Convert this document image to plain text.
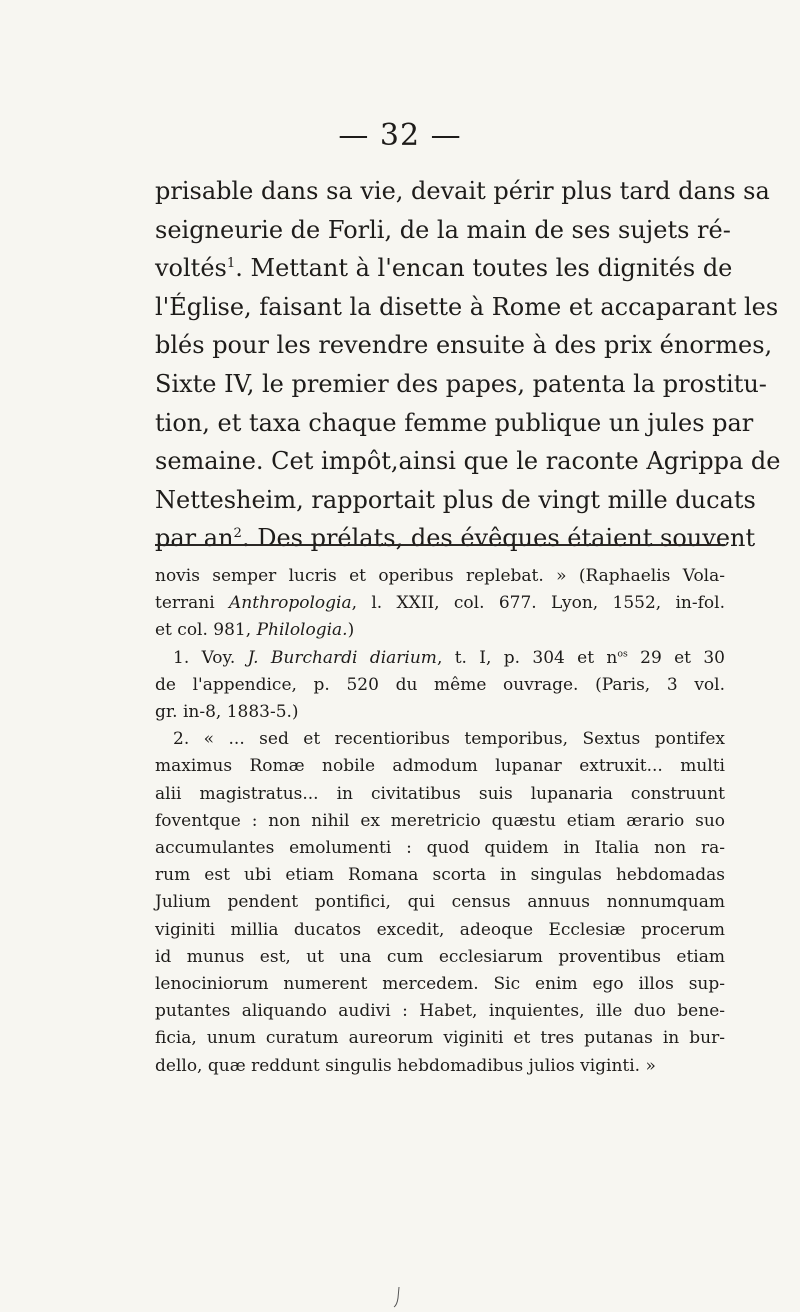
— 32 —
prisable dans sa vie, devait périr plus tard dans sa
seigneurie de Forli, de la main de ses sujets ré-
voltés$^1$. Mettant à l'encan toutes les dignités de
l'Église, faisant la disette à Rome et accaparant les
blés pour les revendre ensuite à des prix énormes,
Sixte IV, le premier des papes, patenta la prostitu-
tion, et taxa chaque femme publique un jules par
semaine. Cet impôt,ainsi que le raconte Agrippa de
Nettesheim, rapportait plus de vingt mille ducats
par $an^2$. Des prélats, des évêques étaient souvent
novis semper lucris et operibus replebat. » (Raphaelis Vola-
terrani Anthropologia, l. XXII, col. 677. Lyon, 1552, in-fol.
et col. 981, Philologia.)
1. Voy. J. Burchardi diarium, t. I, p. 304 et $n^{os}$ 29 et 30
de l'appendice, p. 520 du même ouvrage. (Paris, 3 vol.
gr. in-8, 1883-5.)
2. « ... sed et recentioribus temporibus, Sextus pontifex
maximus Romæ nobile admodum lupanar extruxit... multi
alii magistratus... in civitatibus suis lupanaria construunt
foventque : non nihil ex meretricio quæstu etiam ærario suo
accumulantes emolumenti : quod quidem in Italia non ra-
rum est ubi etiam Romana scorta in singulas hebdomadas
Julium pendent pontifici, qui census annuus nonnumquam
viginiti millia ducatos excedit, adeoque Ecclesiæ procerum
id munus est, ut una cum ecclesiarum proventibus etiam
lenociniorum numerent mercedem. Sic enim ego illos sup-
putantes aliquando audivi : Habet, inquientes, ille duo bene-
ficia, unum curatum aureorum viginiti et tres putanas in bur-
dello, quæ reddunt singulis hebdomadibus julios viginti. »
